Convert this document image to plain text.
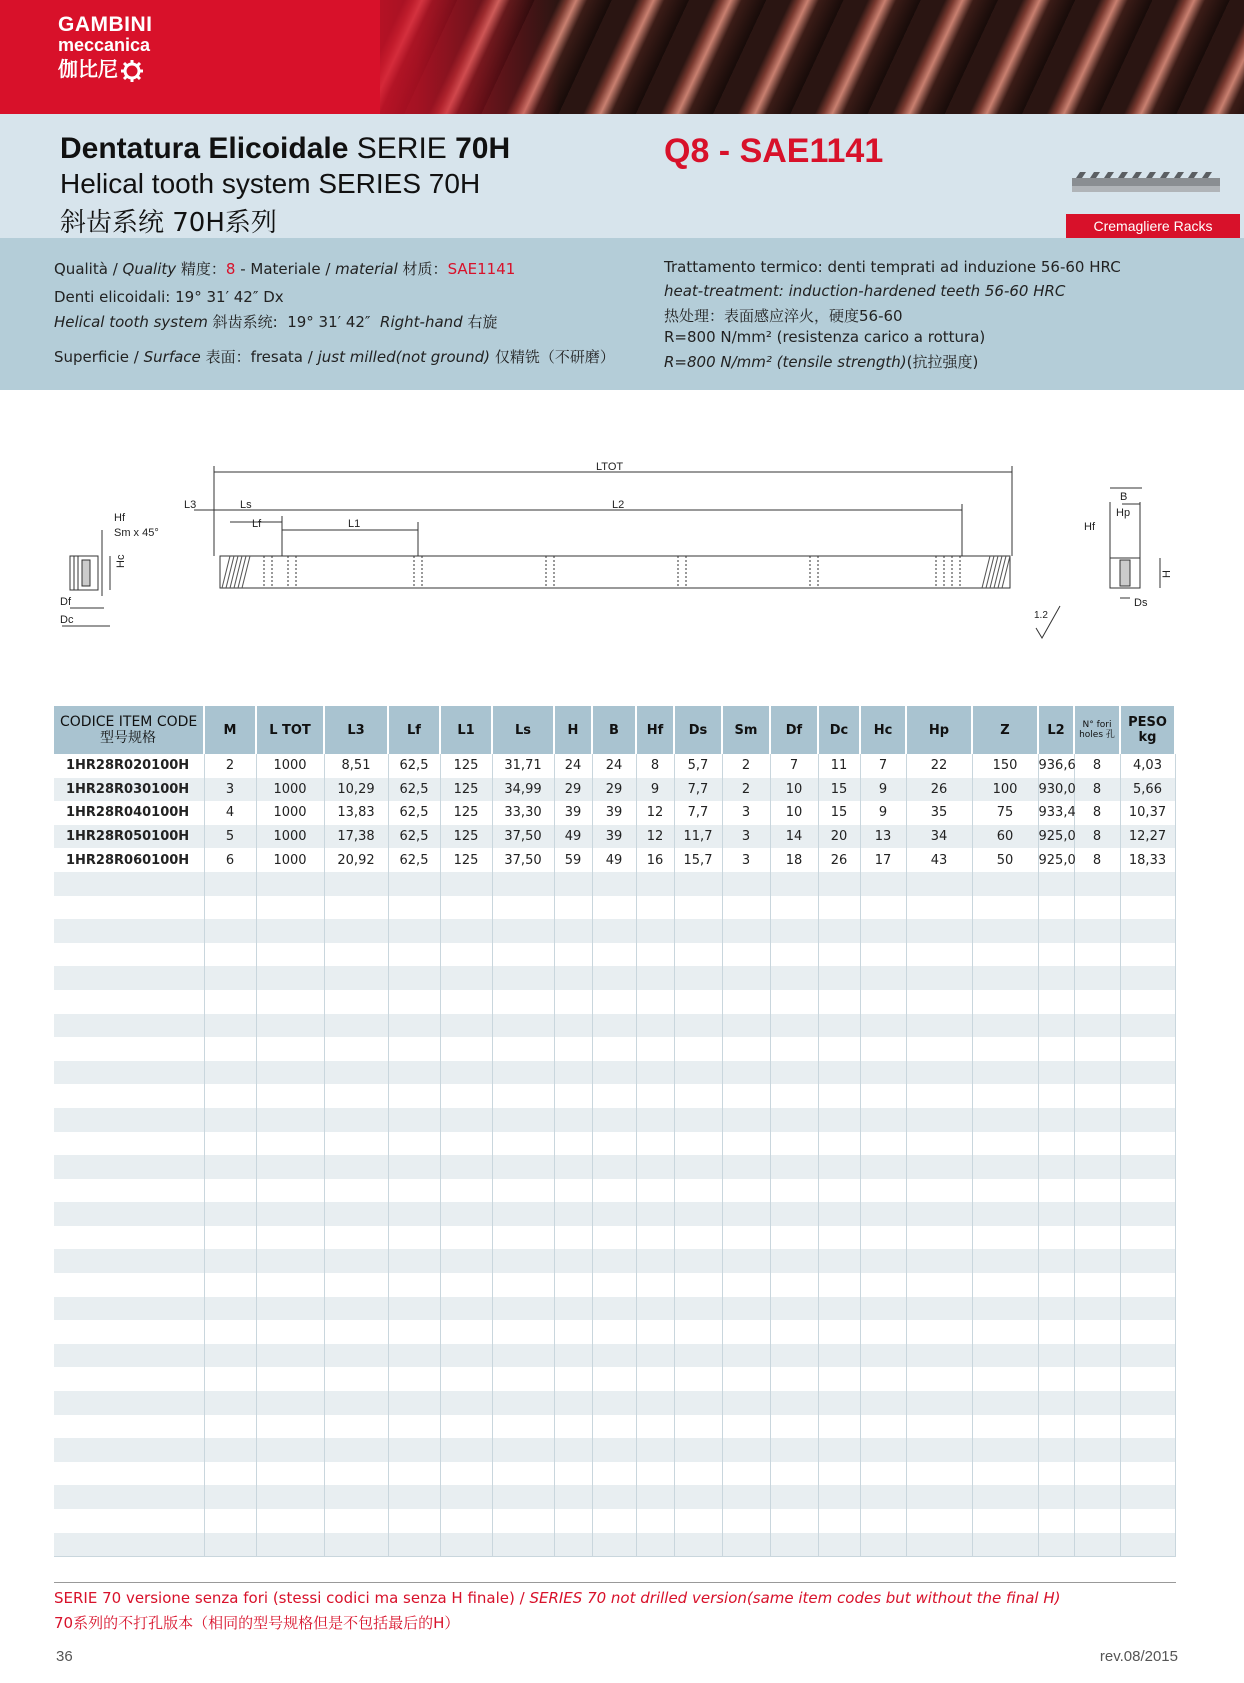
GAMBINI
meccanica
伽比尼
Dentatura Elicoidale SERIE 70H
Helical tooth system SERIES 70H
斜齿系统 70H系列
Q8 - SAE1141
Cremagliere Racks
Qualità / Quality 精度：8 - Materiale / material 材质：SAE1141
Denti elicoidali: 19° 31′ 42″ Dx
Helical tooth system 斜齿系统:  19° 31′ 42″  Right-hand 右旋
Superficie / Surface 表面：fresata / just milled(not ground) 仅精铣（不研磨）
Trattamento termico: denti temprati ad induzione 56-60 HRC
heat-treatment: induction-hardened teeth 56-60 HRC
热处理：表面感应淬火，硬度56-60
R=800 N/mm² (resistenza carico a rottura)
R=800 N/mm² (tensile strength)(抗拉强度)
Hf
Sm x 45°
Hc
Df
Dc
LTOT
L3	Ls	L2
Lf	L1
1.2
B
Hp
Hf
H
Ds
CODICE ITEM CODE
型号规格	M	L TOT	L3	Lf	L1	Ls	H	B	Hf	Ds	Sm	Df	Dc	Hc	Hp	Z	L2	N° fori holes 孔	PESO kg
1HR28R020100H	2	1000	8,51	62,5	125	31,71	24	24	8	5,7	2	7	11	7	22	150	936,6	8	4,03
1HR28R030100H	3	1000	10,29	62,5	125	34,99	29	29	9	7,7	2	10	15	9	26	100	930,0	8	5,66
1HR28R040100H	4	1000	13,83	62,5	125	33,30	39	39	12	7,7	3	10	15	9	35	75	933,4	8	10,37
1HR28R050100H	5	1000	17,38	62,5	125	37,50	49	39	12	11,7	3	14	20	13	34	60	925,0	8	12,27
1HR28R060100H	6	1000	20,92	62,5	125	37,50	59	49	16	15,7	3	18	26	17	43	50	925,0	8	18,33

SERIE 70 versione senza fori (stessi codici ma senza H finale) / SERIES 70 not drilled version(same item codes but without the final H)
70系列的不打孔版本（相同的型号规格但是不包括最后的H）
36	rev.08/2015
